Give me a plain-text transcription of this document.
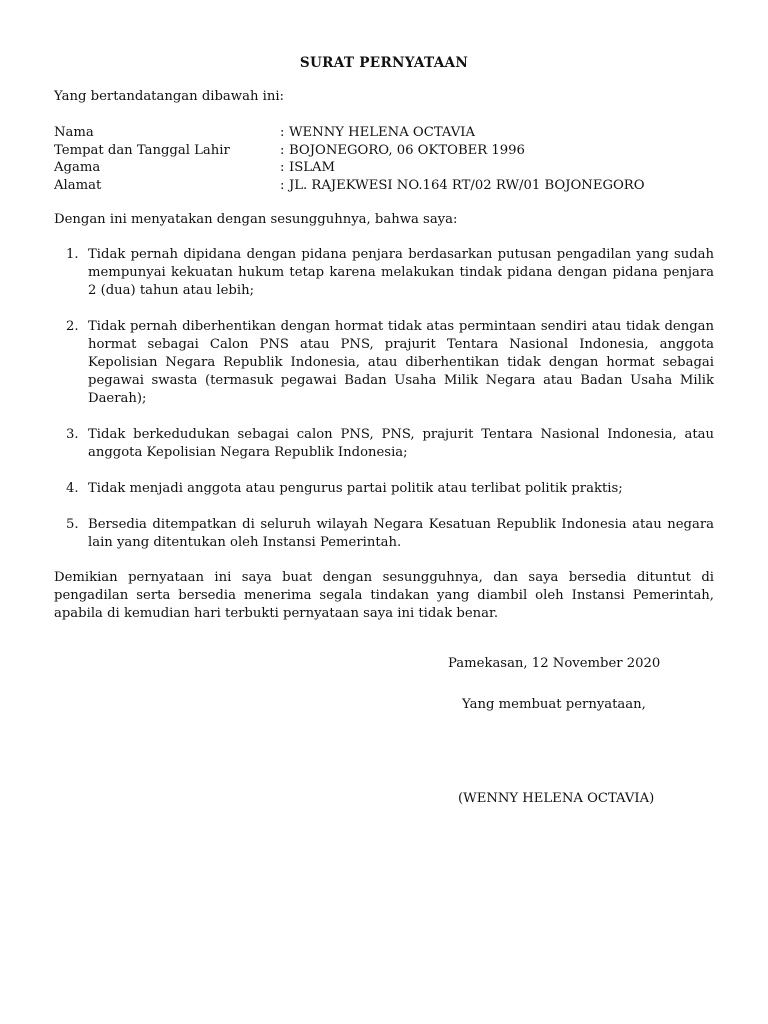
SURAT PERNYATAAN
Yang bertandatangan dibawah ini:
Nama	: WENNY HELENA OCTAVIA
Tempat dan Tanggal Lahir	: BOJONEGORO, 06 OKTOBER 1996
Agama	: ISLAM
Alamat	: JL. RAJEKWESI NO.164 RT/02 RW/01 BOJONEGORO
Dengan ini menyatakan dengan sesungguhnya, bahwa saya:
1. Tidak pernah dipidana dengan pidana penjara berdasarkan putusan pengadilan yang sudah mempunyai kekuatan hukum tetap karena melakukan tindak pidana dengan pidana penjara 2 (dua) tahun atau lebih;
2. Tidak pernah diberhentikan dengan hormat tidak atas permintaan sendiri atau tidak dengan hormat sebagai Calon PNS atau PNS, prajurit Tentara Nasional Indonesia, anggota Kepolisian Negara Republik Indonesia, atau diberhentikan tidak dengan hormat sebagai pegawai swasta (termasuk pegawai Badan Usaha Milik Negara atau Badan Usaha Milik Daerah);
3. Tidak berkedudukan sebagai calon PNS, PNS, prajurit Tentara Nasional Indonesia, atau anggota Kepolisian Negara Republik Indonesia;
4. Tidak menjadi anggota atau pengurus partai politik atau terlibat politik praktis;
5. Bersedia ditempatkan di seluruh wilayah Negara Kesatuan Republik Indonesia atau negara lain yang ditentukan oleh Instansi Pemerintah.
Demikian pernyataan ini saya buat dengan sesungguhnya, dan saya bersedia dituntut di pengadilan serta bersedia menerima segala tindakan yang diambil oleh Instansi Pemerintah, apabila di kemudian hari terbukti pernyataan saya ini tidak benar.
Pamekasan, 12 November 2020
Yang membuat pernyataan,
(WENNY HELENA OCTAVIA)
